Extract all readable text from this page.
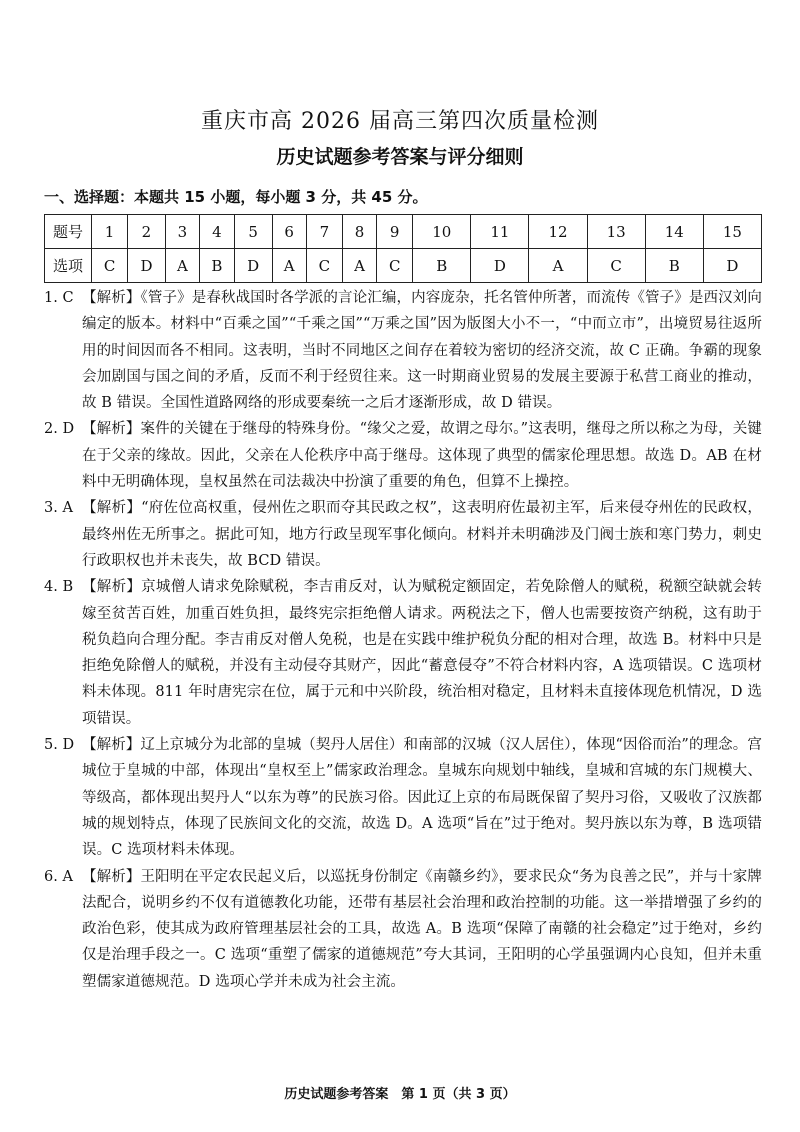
重庆市高 2026 届高三第四次质量检测
历史试题参考答案与评分细则
一、选择题：本题共 15 小题，每小题 3 分，共 45 分。
题号	1	2	3	4	5	6	7	8	9	10	11	12	13	14	15
选项	C	D	A	B	D	A	C	A	C	B	D	A	C	B	D
1. C 【解析】《管子》是春秋战国时各学派的言论汇编，内容庞杂，托名管仲所著，而流传《管子》是西汉刘向编定的版本。材料中“百乘之国”“千乘之国”“万乘之国”因为版图大小不一，“中而立市”，出境贸易往返所用的时间因而各不相同。这表明，当时不同地区之间存在着较为密切的经济交流，故 C 正确。争霸的现象会加剧国与国之间的矛盾，反而不利于经贸往来。这一时期商业贸易的发展主要源于私营工商业的推动，故 B 错误。全国性道路网络的形成要秦统一之后才逐渐形成，故 D 错误。
2. D 【解析】案件的关键在于继母的特殊身份。“缘父之爱，故谓之母尔。”这表明，继母之所以称之为母，关键在于父亲的缘故。因此，父亲在人伦秩序中高于继母。这体现了典型的儒家伦理思想。故选 D。AB 在材料中无明确体现，皇权虽然在司法裁决中扮演了重要的角色，但算不上操控。
3. A 【解析】“府佐位高权重，侵州佐之职而夺其民政之权”，这表明府佐最初主军，后来侵夺州佐的民政权，最终州佐无所事之。据此可知，地方行政呈现军事化倾向。材料并未明确涉及门阀士族和寒门势力，刺史行政职权也并未丧失，故 BCD 错误。
4. B 【解析】京城僧人请求免除赋税，李吉甫反对，认为赋税定额固定，若免除僧人的赋税，税额空缺就会转嫁至贫苦百姓，加重百姓负担，最终宪宗拒绝僧人请求。两税法之下，僧人也需要按资产纳税，这有助于税负趋向合理分配。李吉甫反对僧人免税，也是在实践中维护税负分配的相对合理，故选 B。材料中只是拒绝免除僧人的赋税，并没有主动侵夺其财产，因此“蓄意侵夺”不符合材料内容，A 选项错误。C 选项材料未体现。811 年时唐宪宗在位，属于元和中兴阶段，统治相对稳定，且材料未直接体现危机情况，D 选项错误。
5. D 【解析】辽上京城分为北部的皇城（契丹人居住）和南部的汉城（汉人居住），体现“因俗而治”的理念。宫城位于皇城的中部，体现出“皇权至上”儒家政治理念。皇城东向规划中轴线，皇城和宫城的东门规模大、等级高，都体现出契丹人“以东为尊”的民族习俗。因此辽上京的布局既保留了契丹习俗，又吸收了汉族都城的规划特点，体现了民族间文化的交流，故选 D。A 选项“旨在”过于绝对。契丹族以东为尊，B 选项错误。C 选项材料未体现。
6. A 【解析】王阳明在平定农民起义后，以巡抚身份制定《南赣乡约》，要求民众“务为良善之民”，并与十家牌法配合，说明乡约不仅有道德教化功能，还带有基层社会治理和政治控制的功能。这一举措增强了乡约的政治色彩，使其成为政府管理基层社会的工具，故选 A。B 选项“保障了南赣的社会稳定”过于绝对，乡约仅是治理手段之一。C 选项“重塑了儒家的道德规范”夸大其词，王阳明的心学虽强调内心良知，但并未重塑儒家道德规范。D 选项心学并未成为社会主流。
历史试题参考答案　第 1 页（共 3 页）
